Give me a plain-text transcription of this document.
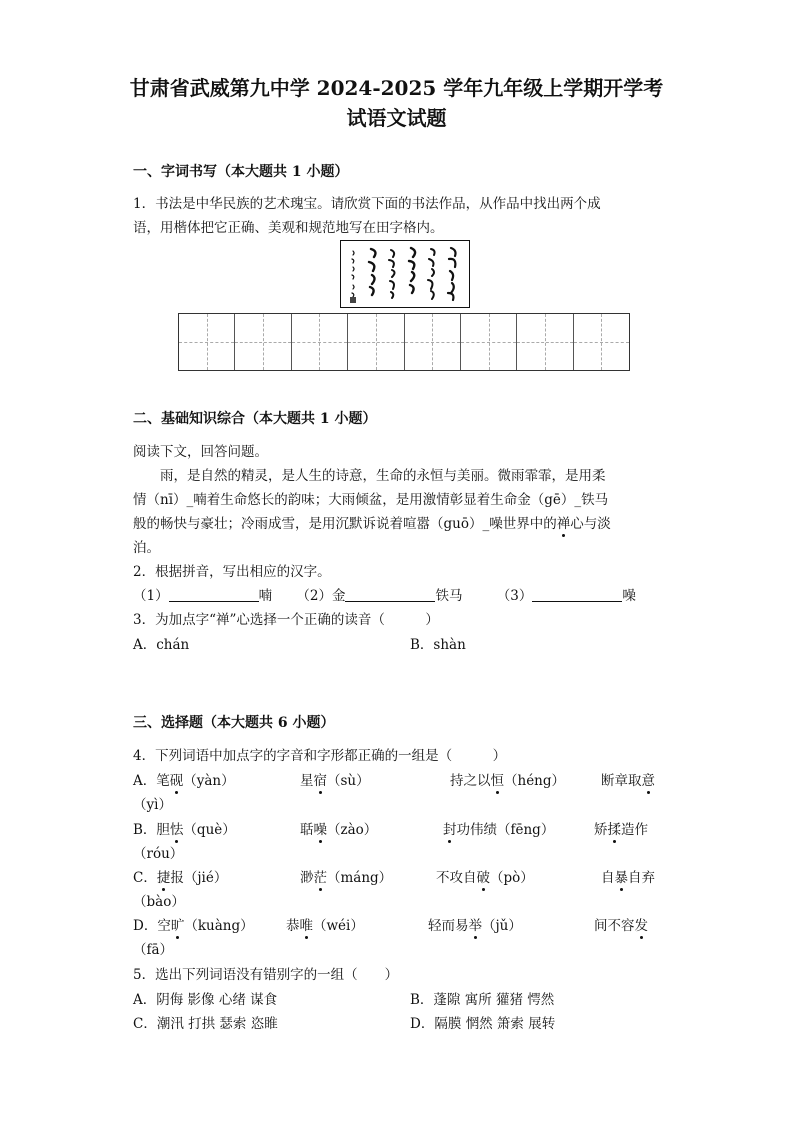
甘肃省武威第九中学 2024-2025 学年九年级上学期开学考
试语文试题
一、字词书写（本大题共 1 小题）
1．书法是中华民族的艺术瑰宝。请欣赏下面的书法作品，从作品中找出两个成
语，用楷体把它正确、美观和规范地写在田字格内。
二、基础知识综合（本大题共 1 小题）
阅读下文，回答问题。
雨，是自然的精灵，是人生的诗意，生命的永恒与美丽。微雨霏霏，是用柔
情（nī）_喃着生命悠长的韵味；大雨倾盆，是用激情彰显着生命金（gē）_铁马
般的畅快与豪壮；冷雨成雪，是用沉默诉说着喧嚣（guō）_噪世界中的禅心与淡
泊。
2．根据拼音，写出相应的汉字。
（1）	喃 （2）金	铁马	（3）	噪
3．为加点字“禅”心选择一个正确的读音（　　　）
A．chán	B．shàn
三、选择题（本大题共 6 小题）
4．下列词语中加点字的字音和字形都正确的一组是（　　　）
A．笔砚（yàn）	星宿（sù）	持之以恒（héng）	断章取意
（yì）
B．胆怯（què）	聒噪（zào）	封功伟绩（fēng）	矫揉造作
（róu）
C．捷报（jié）	渺茫（máng）	不攻自破（pò）	自暴自弃
（bào）
D．空旷（kuàng） 恭唯（wéi）	轻而易举（jǔ）	间不容发
（fā）
5．选出下列词语没有错别字的一组（　　）
A．阴侮 影像 心绪 谋食	B．蓬隙 寓所 獾猪 愕然
C．潮汛 打拱 瑟索 恣睢	D．隔膜 惘然 箫索 展转
